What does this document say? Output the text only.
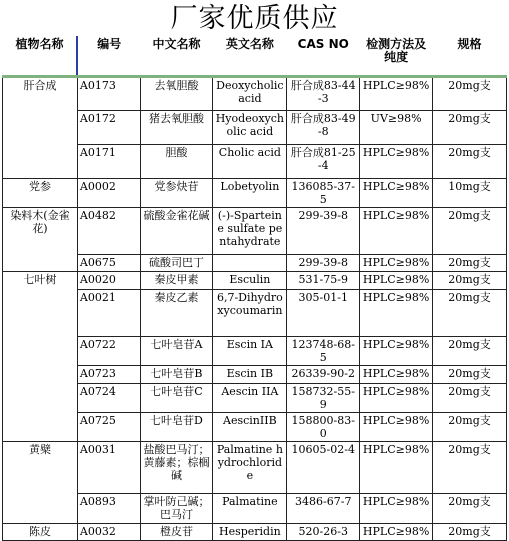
厂家优质供应
植物名称	编号	中文名称	英文名称	CAS NO	检测方法及纯度	规格
肝合成	A0173	去氧胆酸	Deoxycholic acid	肝合成83-44-3	HPLC≥98%	20mg支
	A0172	猪去氧胆酸	Hyodeoxycholic acid	肝合成83-49-8	UV≥98%	20mg支
	A0171	胆酸	Cholic acid	肝合成81-25-4	HPLC≥98%	20mg支
党参	A0002	党参炔苷	Lobetyolin	136085-37-5	HPLC≥98%	10mg支
染料木(金雀花)	A0482	硫酸金雀花碱	(-)-Sparteine sulfate pentahydrate	299-39-8	HPLC≥98%	20mg支
	A0675	硫酸司巴丁		299-39-8	HPLC≥98%	20mg支
七叶树	A0020	秦皮甲素	Esculin	531-75-9	HPLC≥98%	20mg支
	A0021	秦皮乙素	6,7-Dihydroxycoumarin	305-01-1	HPLC≥98%	20mg支
	A0722	七叶皂苷A	Escin IA	123748-68-5	HPLC≥98%	20mg支
	A0723	七叶皂苷B	Escin IB	26339-90-2	HPLC≥98%	20mg支
	A0724	七叶皂苷C	Aescin IIA	158732-55-9	HPLC≥98%	20mg支
	A0725	七叶皂苷D	AescinIIB	158800-83-0	HPLC≥98%	20mg支
黄檗	A0031	盐酸巴马汀；黄藤素；棕榈碱	Palmatine hydrochloride	10605-02-4	HPLC≥98%	20mg支
	A0893	掌叶防己碱；巴马汀	Palmatine	3486-67-7	HPLC≥98%	20mg支
陈皮	A0032	橙皮苷	Hesperidin	520-26-3	HPLC≥98%	20mg支
